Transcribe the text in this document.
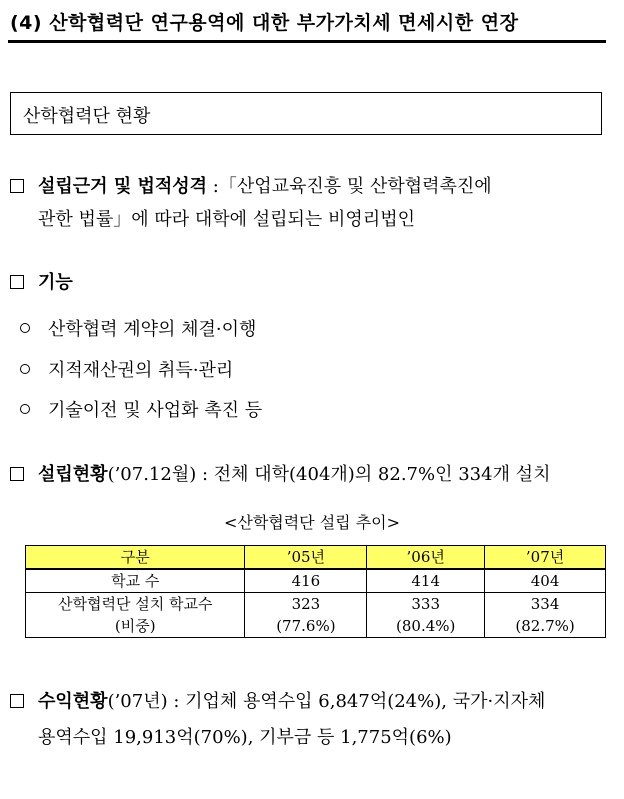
(4) 산학협력단 연구용역에 대한 부가가치세 면세시한 연장
산학협력단 현황
설립근거 및 법적성격 :「산업교육진흥 및 산학협력촉진에
관한 법률」에 따라 대학에 설립되는 비영리법인
기능
산학협력 계약의 체결·이행
지적재산권의 취득·관리
기술이전 및 사업화 촉진 등
설립현황(’07.12월) : 전체 대학(404개)의 82.7%인 334개 설치
<산학협력단 설립 추이>
구분	’05년	’06년	’07년
학교 수	416	414	404
산학협력단 설치 학교수	323	333	334
(비중)	(77.6%)	(80.4%)	(82.7%)
수익현황(’07년) : 기업체 용역수입 6,847억(24%), 국가·지자체
용역수입 19,913억(70%), 기부금 등 1,775억(6%)
